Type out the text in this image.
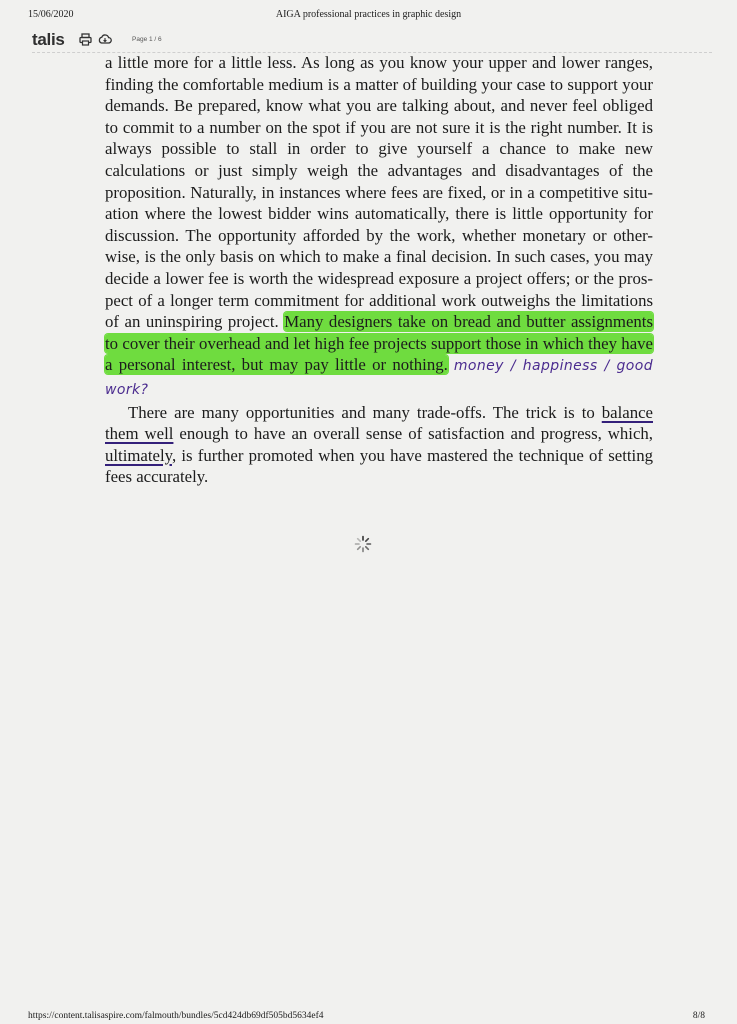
15/06/2020	AIGA professional practices in graphic design
talis	Page 1 / 6

a little more for a little less. As long as you know your upper and lower ranges, finding the comfortable medium is a matter of building your case to support your demands. Be prepared, know what you are talking about, and never feel obliged to commit to a number on the spot if you are not sure it is the right number. It is always possible to stall in order to give yourself a chance to make new calculations or just simply weigh the advantages and disadvantages of the proposition. Naturally, in instances where fees are fixed, or in a competitive situ- ation where the lowest bidder wins automatically, there is little opportunity for discussion. The opportunity afforded by the work, whether monetary or other- wise, is the only basis on which to make a final decision. In such cases, you may decide a lower fee is worth the widespread exposure a project offers; or the pros- pect of a longer term commitment for additional work outweighs the limitations of an uninspiring project. Many designers take on bread and butter assignments to cover their overhead and let high fee projects support those in which they have a personal interest, but may pay little or nothing. money / happiness / good work?

There are many opportunities and many trade-offs. The trick is to balance them well enough to have an overall sense of satisfaction and progress, which, ultimately, is further promoted when you have mastered the technique of setting fees accurately.

https://content.talisaspire.com/falmouth/bundles/5cd424db69df505bd5634ef4	8/8
